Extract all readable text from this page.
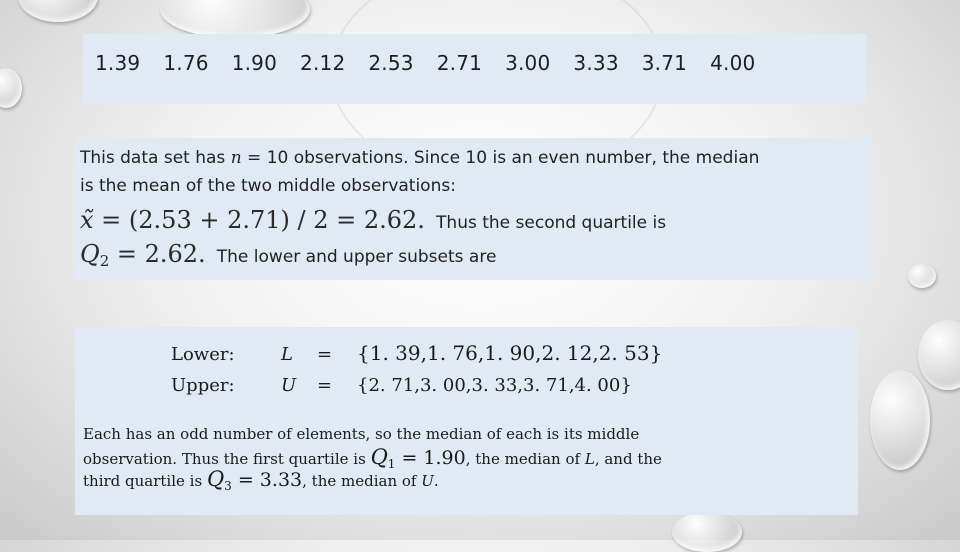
1.39 1.76 1.90 2.12 2.53 2.71 3.00 3.33 3.71 4.00
This data set has n = 10 observations. Since 10 is an even number, the median
is the mean of the two middle observations:
x̃ = (2.53 + 2.71) / 2 = 2.62. Thus the second quartile is
$Q_2 = 2.62$. The lower and upper subsets are
Lower:	L = {1. 39,1. 76,1. 90,2. 12,2. 53}
Upper:	U = {2. 71,3. 00,3. 33,3. 71,4. 00}
Each has an odd number of elements, so the median of each is its middle
observation. Thus the first quartile is $Q_1 = 1.90$, the median of L, and the
third quartile is $Q_3 = 3.33$, the median of U.
